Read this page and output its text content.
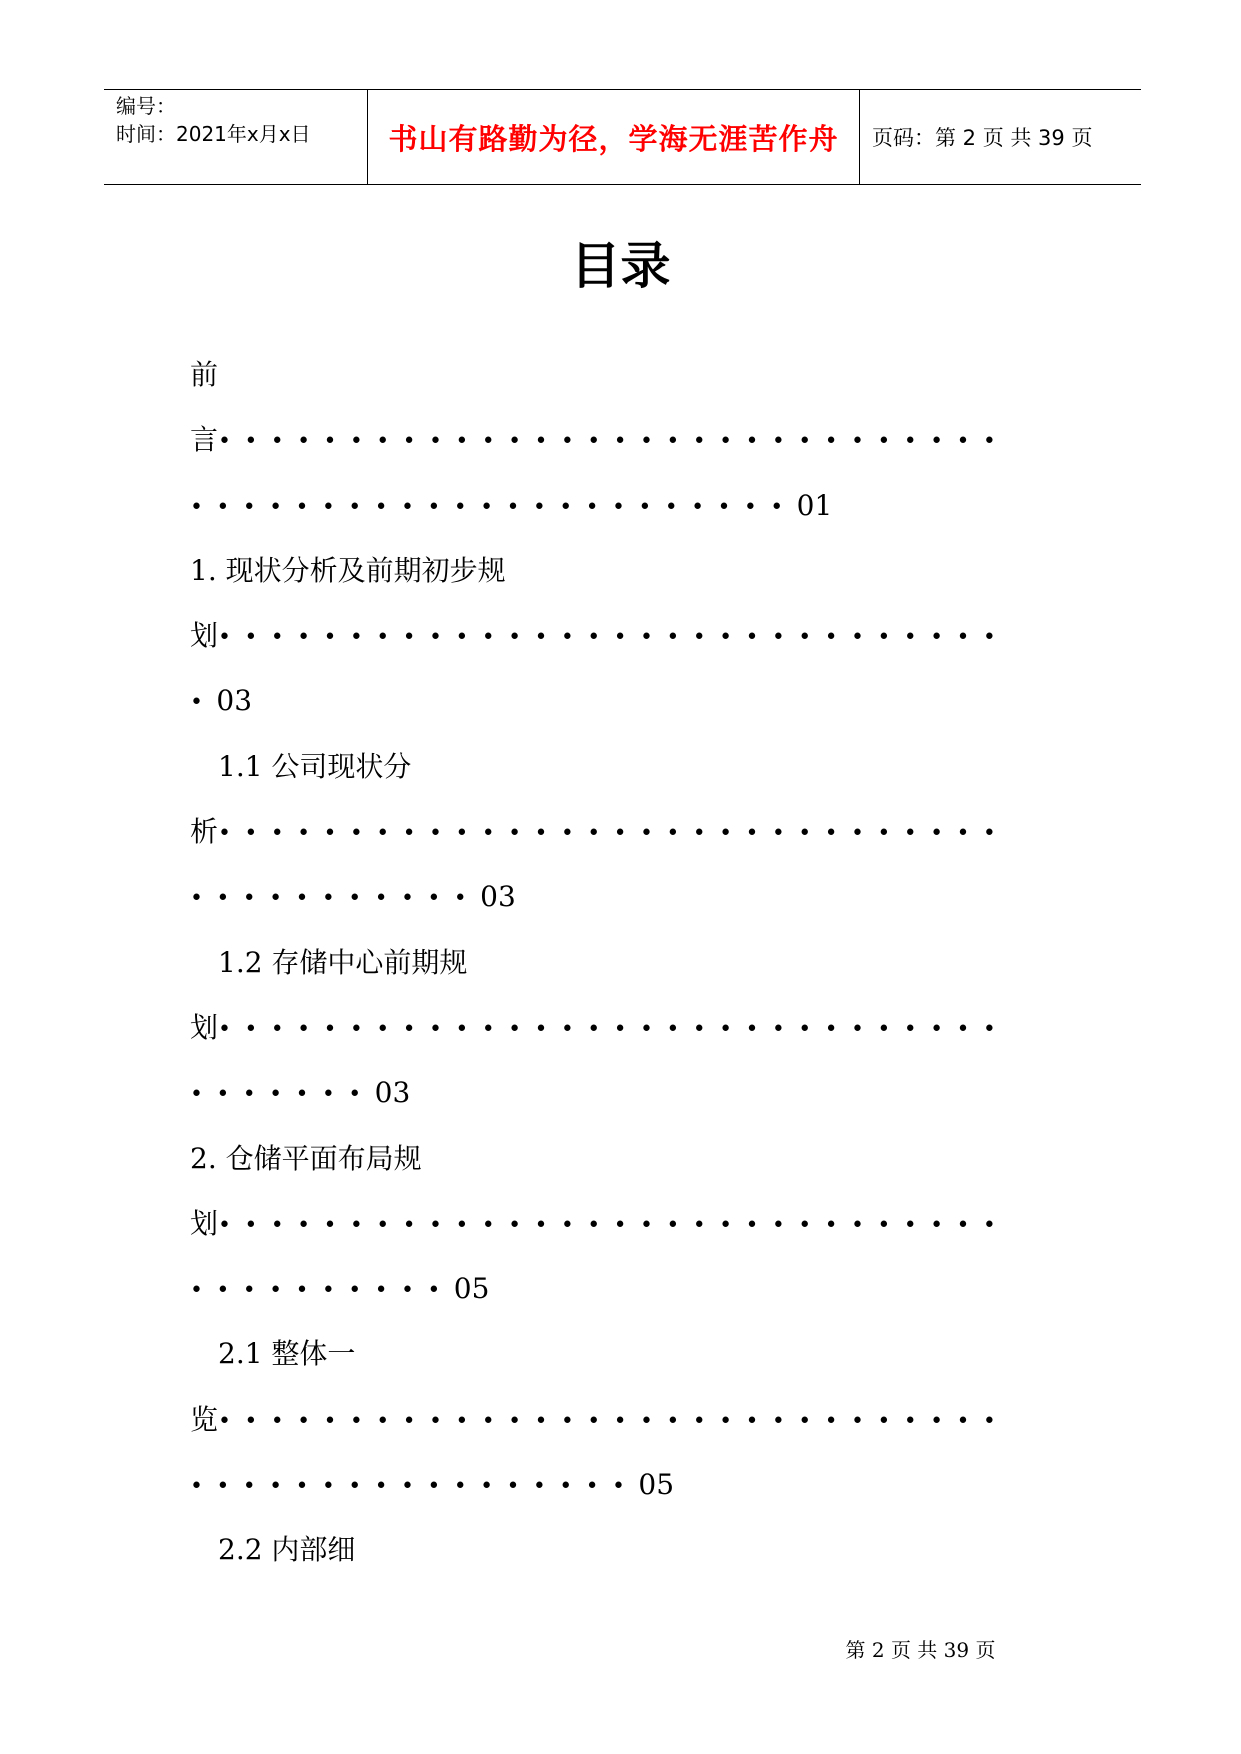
编号：
时间：2021年x月x日	书山有路勤为径，学海无涯苦作舟	页码：第 2 页 共 39 页
目录
前
言••••••••••••••••••••••••••••••
•••••••••••••••••••••••01
1. 现状分析及前期初步规
划••••••••••••••••••••••••••••••
•03
1.1 公司现状分
析••••••••••••••••••••••••••••••
•••••••••••03
1.2 存储中心前期规
划••••••••••••••••••••••••••••••
•••••••03
2. 仓储平面布局规
划••••••••••••••••••••••••••••••
••••••••••05
2.1 整体一
览••••••••••••••••••••••••••••••
•••••••••••••••••05
2.2 内部细
第 2 页 共 39 页
